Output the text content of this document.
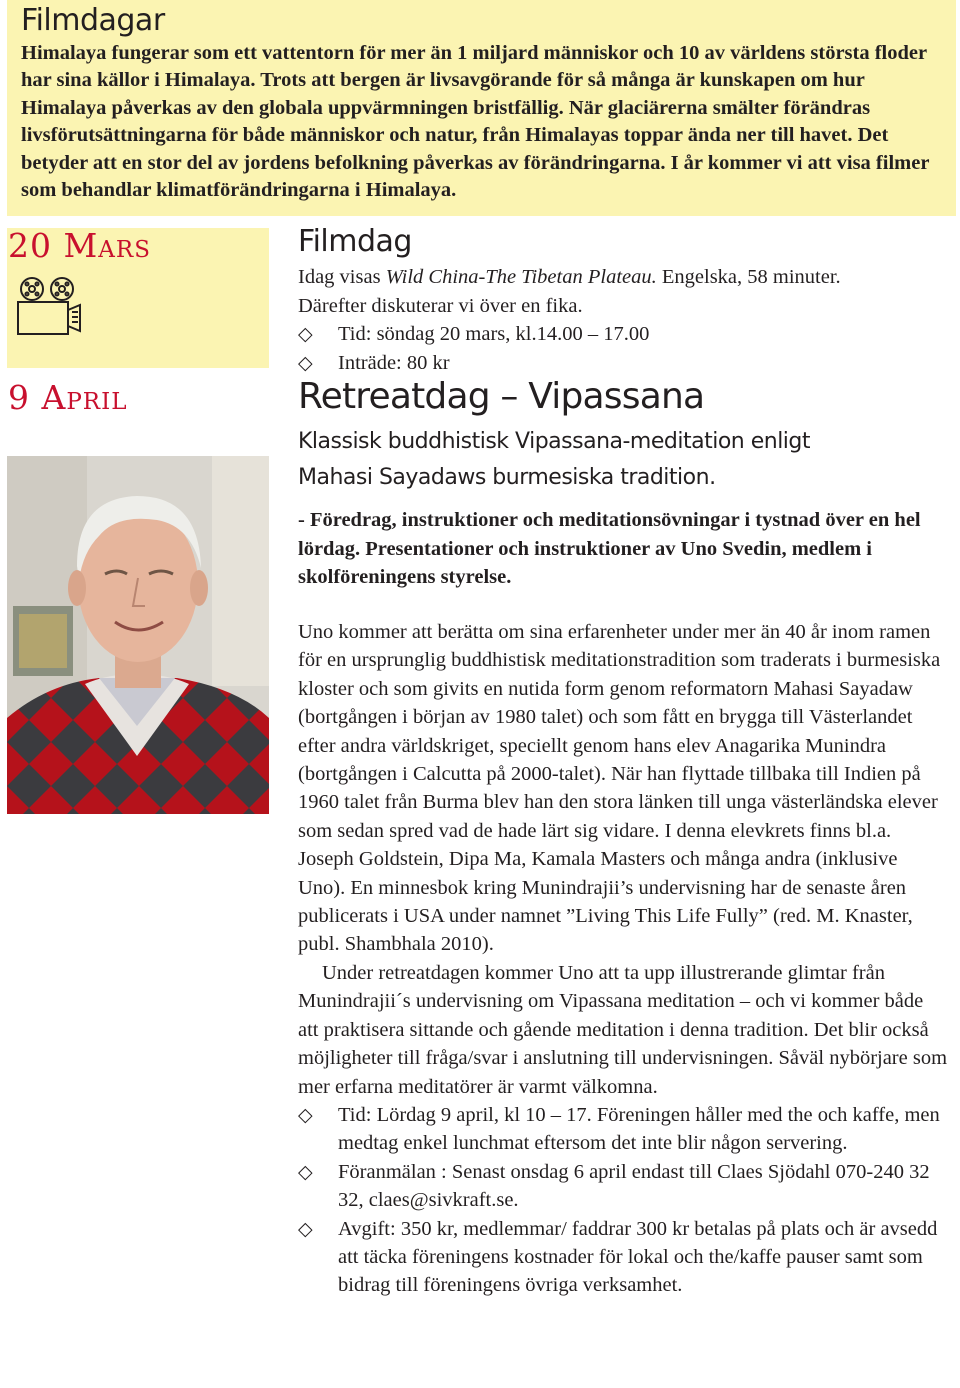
Filmdagar

Himalaya fungerar som ett vattentorn för mer än 1 miljard människor och 10 av världens största floder har sina källor i Himalaya. Trots att bergen är livsavgörande för så många är kunskapen om hur Himalaya påverkas av den globala uppvärmningen bristfällig. När glaciärerna smälter förändras livsförutsättningarna för både människor och natur, från Himalayas toppar ända ner till havet. Det betyder att en stor del av jordens befolkning påverkas av förändringarna. I år kommer vi att visa filmer som behandlar klimatförändringarna i Himalaya.

20 Mars
9 April
Filmdag

Idag visas Wild China-The Tibetan Plateau. Engelska, 58 minuter.

Därefter diskuterar vi över en fika.

◇	Tid: söndag 20 mars, kl.14.00 – 17.00
◇	Inträde: 80 kr
Retreatdag – Vipassana

Klassisk buddhistisk Vipassana-meditation enligt

Mahasi Sayadaws burmesiska tradition.

- Föredrag, instruktioner och meditationsövningar i tystnad över en hel lördag. Presentationer och instruktioner av Uno Svedin, medlem i skolföreningens styrelse.

Uno kommer att berätta om sina erfarenheter under mer än 40 år inom ramen för en ursprunglig buddhistisk meditationstradition som traderats i burmesiska kloster och som givits en nutida form genom reformatorn Mahasi Sayadaw (bortgången i början av 1980 talet) och som fått en brygga till Västerlandet efter andra världskriget, speciellt genom hans elev Anagarika Munindra (bortgången i Calcutta på 2000-talet). När han flyttade tillbaka till Indien på 1960 talet från Burma blev han den stora länken till unga västerländska elever som sedan spred vad de hade lärt sig vidare. I denna elevkrets finns bl.a. Joseph Goldstein, Dipa Ma, Kamala Masters och många andra (inklusive Uno). En minnesbok kring Munindrajii’s undervisning har de senaste åren publicerats i USA under namnet ”Living This Life Fully” (red. M. Knaster, publ. Shambhala 2010).

Under retreatdagen kommer Uno att ta upp illustrerande glimtar från Munindrajii´s undervisning om Vipassana meditation – och vi kommer både att praktisera sittande och gående meditation i denna tradition. Det blir också möjligheter till fråga/svar i anslutning till undervisningen. Såväl nybörjare som mer erfarna meditatörer är varmt välkomna.

◇	Tid: Lördag 9 april, kl 10 – 17. Föreningen håller med the och kaffe, men medtag enkel lunchmat eftersom det inte blir någon servering.
◇	Föranmälan : Senast onsdag 6 april endast till Claes Sjödahl 070-240 32 32, claes@sivkraft.se.
◇	Avgift: 350 kr, medlemmar/ faddrar 300 kr betalas på plats och är avsedd att täcka föreningens kostnader för lokal och the/kaffe pauser samt som bidrag till föreningens övriga verksamhet.
